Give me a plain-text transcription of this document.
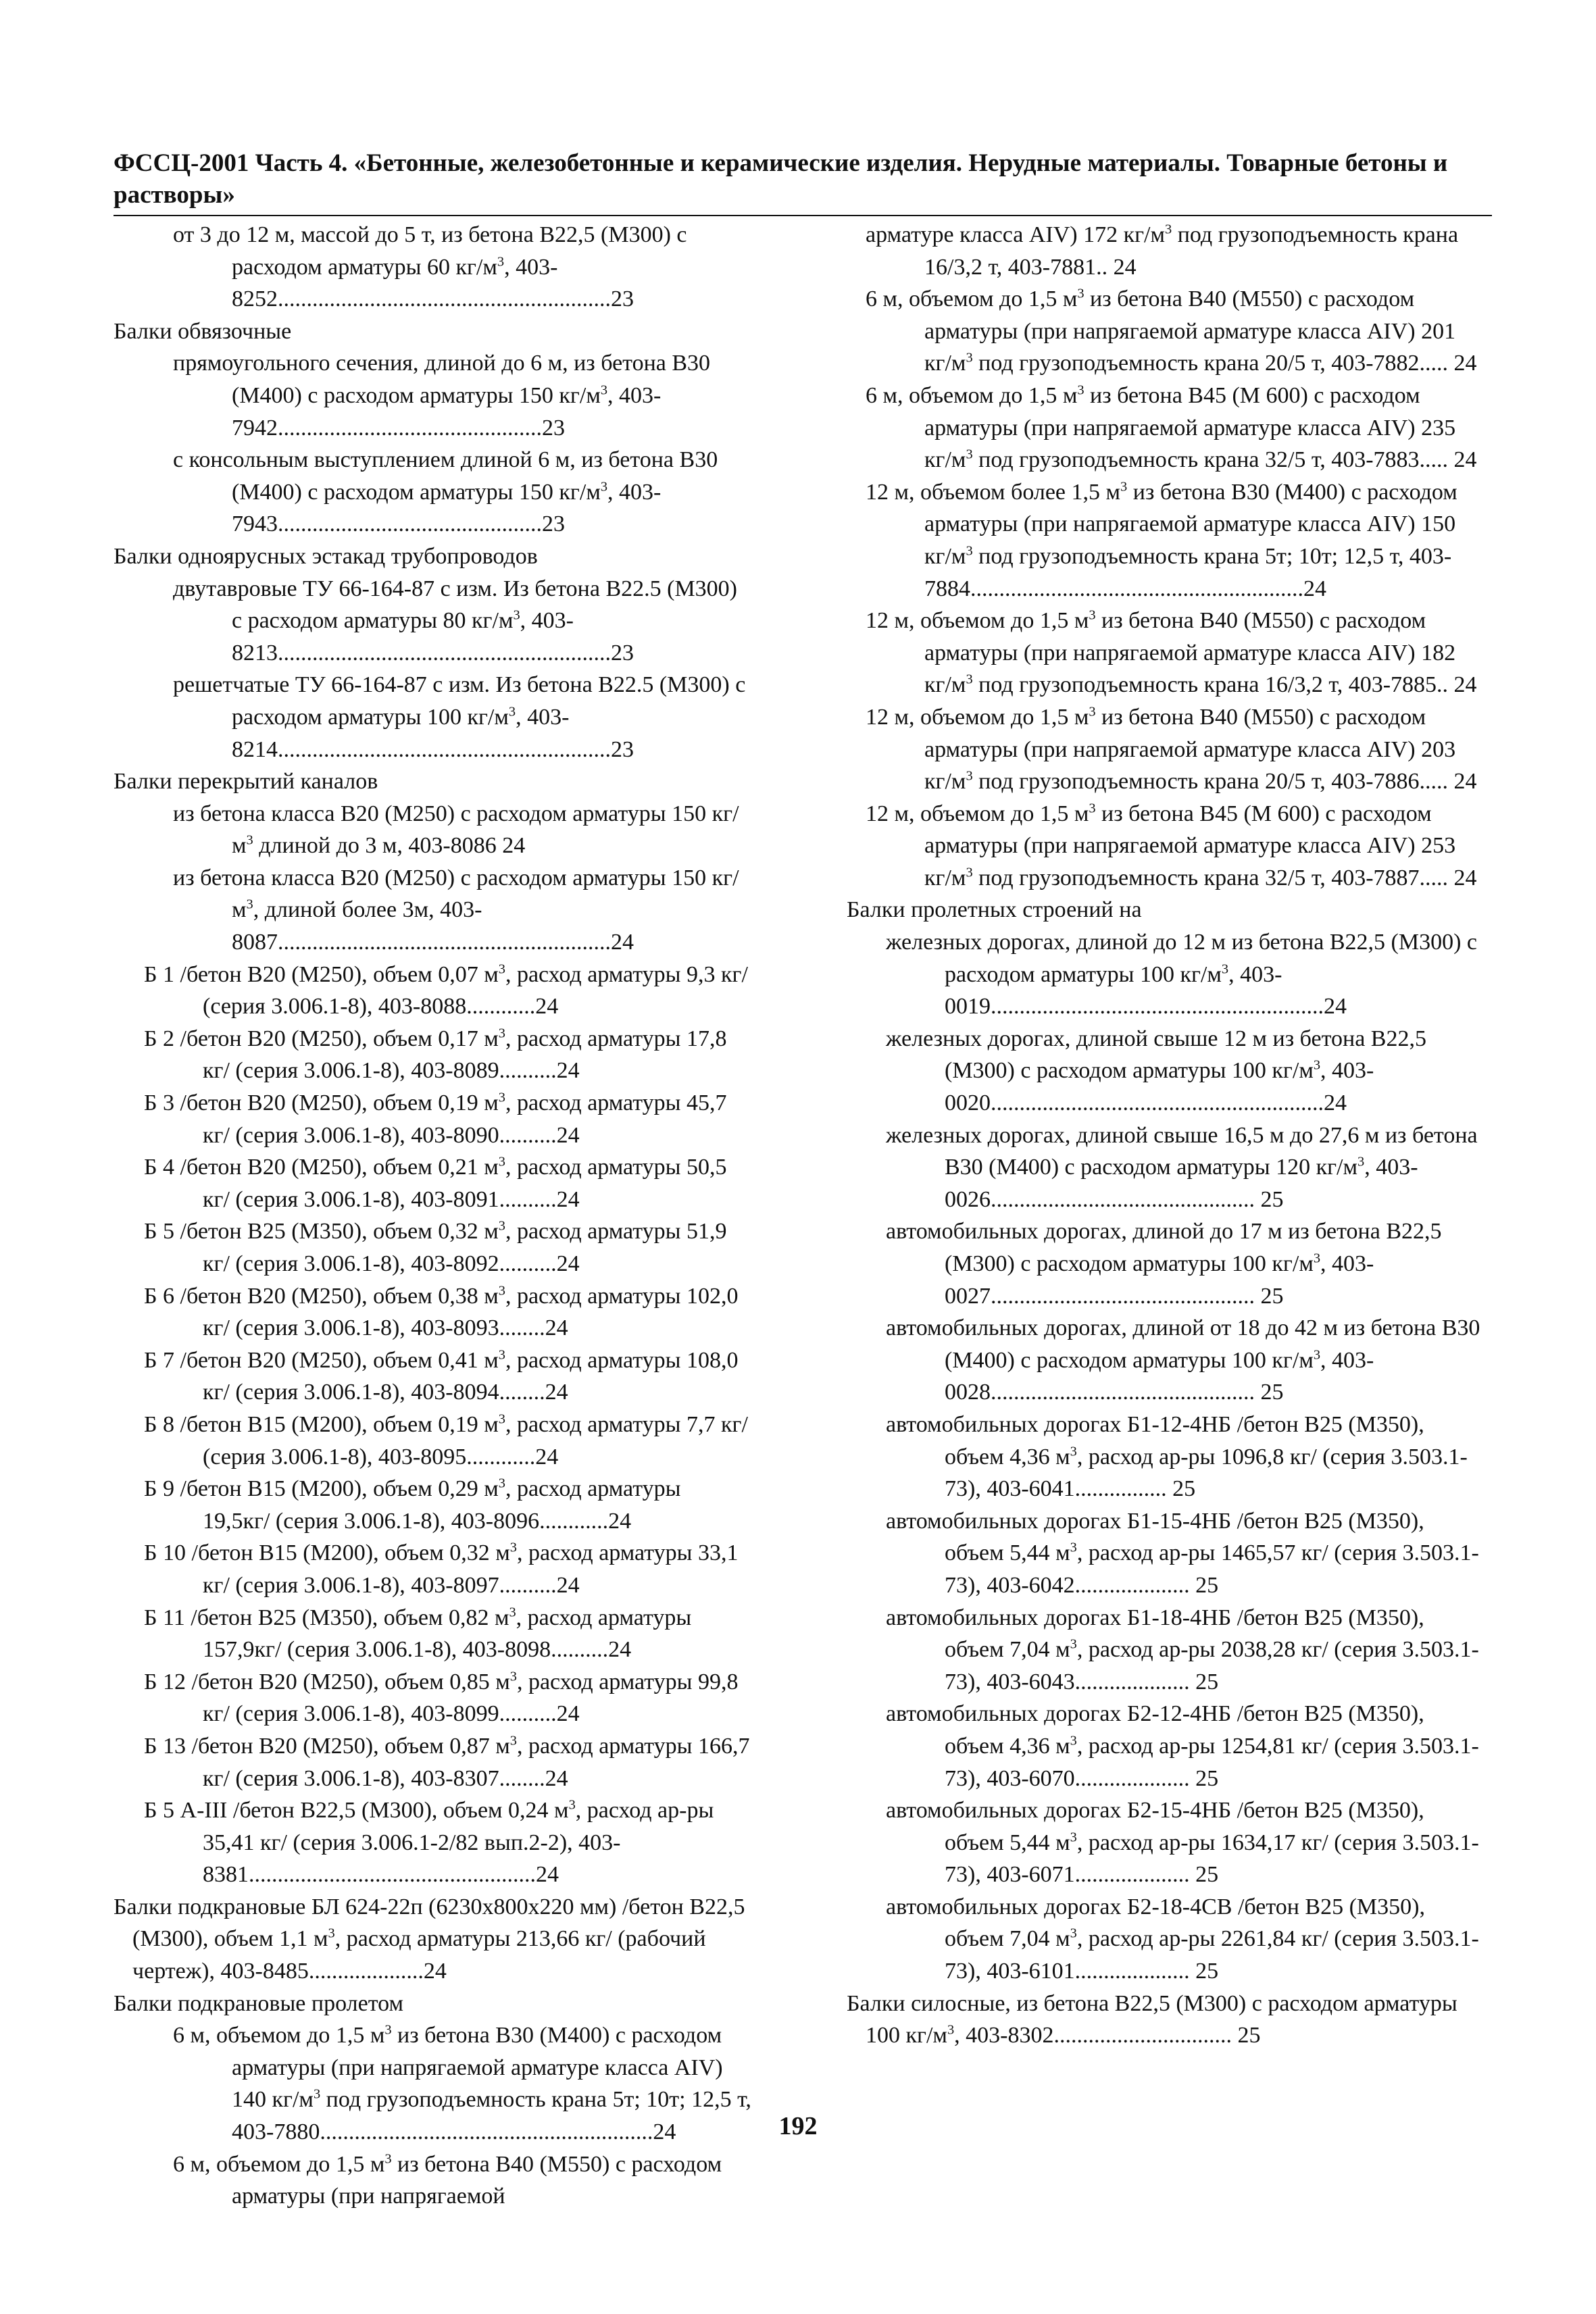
ФССЦ-2001 Часть 4. «Бетонные, железобетонные и керамические изделия. Нерудные материалы. Товарные бетоны и растворы»
от 3 до 12 м, массой до 5 т, из бетона В22,5 (М300) с расходом арматуры 60 $кг/м^3$, 403-8252..........................................................23
Балки обвязочные
прямоугольного сечения, длиной до 6 м, из бетона В30 (М400) с расходом арматуры 150 $кг/м^3$, 403-7942..............................................23
с консольным выступлением длиной 6 м, из бетона В30 (М400) с расходом арматуры 150 $кг/м^3$, 403-7943..............................................23
Балки одноярусных эстакад трубопроводов
двутавровые ТУ 66-164-87 с изм. Из бетона В22.5 (М300) с расходом арматуры 80 $кг/м^3$, 403-8213..........................................................23
решетчатые ТУ 66-164-87 с изм. Из бетона В22.5 (М300) с расходом арматуры 100 $кг/м^3$, 403-8214..........................................................23
Балки перекрытий каналов
из бетона класса В20 (М250) с расходом арматуры 150 $кг/м^3$ длиной до 3 м, 403-8086 24
из бетона класса В20 (М250) с расходом арматуры 150 $кг/м^3$, длиной более 3м, 403-8087..........................................................24
Б 1 /бетон В20 (М250), объем 0,07 $м^3$, расход арматуры 9,3 кг/ (серия 3.006.1-8), 403-8088............24
Б 2 /бетон В20 (М250), объем 0,17 $м^3$, расход арматуры 17,8 кг/ (серия 3.006.1-8), 403-8089..........24
Б 3 /бетон В20 (М250), объем 0,19 $м^3$, расход арматуры 45,7 кг/ (серия 3.006.1-8), 403-8090..........24
Б 4 /бетон В20 (М250), объем 0,21 $м^3$, расход арматуры 50,5 кг/ (серия 3.006.1-8), 403-8091..........24
Б 5 /бетон В25 (М350), объем 0,32 $м^3$, расход арматуры 51,9 кг/ (серия 3.006.1-8), 403-8092..........24
Б 6 /бетон В20 (М250), объем 0,38 $м^3$, расход арматуры 102,0 кг/ (серия 3.006.1-8), 403-8093........24
Б 7 /бетон В20 (М250), объем 0,41 $м^3$, расход арматуры 108,0 кг/ (серия 3.006.1-8), 403-8094........24
Б 8 /бетон В15 (М200), объем 0,19 $м^3$, расход арматуры 7,7 кг/ (серия 3.006.1-8), 403-8095............24
Б 9 /бетон В15 (М200), объем 0,29 $м^3$, расход арматуры 19,5кг/ (серия 3.006.1-8), 403-8096............24
Б 10 /бетон В15 (М200), объем 0,32 $м^3$, расход арматуры 33,1 кг/ (серия 3.006.1-8), 403-8097..........24
Б 11 /бетон В25 (М350), объем 0,82 $м^3$, расход арматуры 157,9кг/ (серия 3.006.1-8), 403-8098..........24
Б 12 /бетон В20 (М250), объем 0,85 $м^3$, расход арматуры 99,8 кг/ (серия 3.006.1-8), 403-8099..........24
Б 13 /бетон В20 (М250), объем 0,87 $м^3$, расход арматуры 166,7 кг/ (серия 3.006.1-8), 403-8307........24
Б 5 А-III /бетон В22,5 (М300), объем 0,24 $м^3$, расход ар-ры 35,41 кг/ (серия 3.006.1-2/82 вып.2-2), 403-8381..................................................24
Балки подкрановые БЛ 624-22п (6230х800х220 мм) /бетон В22,5 (М300), объем 1,1 $м^3$, расход арматуры 213,66 кг/ (рабочий чертеж), 403-8485....................24
Балки подкрановые пролетом
6 м, объемом до 1,5 $м^3$ из бетона В30 (М400) с расходом арматуры (при напрягаемой арматуре класса АIV) 140 $кг/м^3$ под грузоподъемность крана 5т; 10т; 12,5 т, 403-7880..........................................................24
6 м, объемом до 1,5 $м^3$ из бетона В40 (М550) с расходом арматуры (при напрягаемой
арматуре класса АIV) 172 $кг/м^3$ под грузоподъемность крана 16/3,2 т, 403-7881.. 24
6 м, объемом до 1,5 $м^3$ из бетона В40 (М550) с расходом арматуры (при напрягаемой арматуре класса АIV) 201 $кг/м^3$ под грузоподъемность крана 20/5 т, 403-7882..... 24
6 м, объемом до 1,5 $м^3$ из бетона В45 (М 600) с расходом арматуры (при напрягаемой арматуре класса АIV) 235 $кг/м^3$ под грузоподъемность крана 32/5 т, 403-7883..... 24
12 м, объемом более 1,5 $м^3$ из бетона В30 (М400) с расходом арматуры (при напрягаемой арматуре класса АIV) 150 $кг/м^3$ под грузоподъемность крана 5т; 10т; 12,5 т, 403-7884..........................................................24
12 м, объемом до 1,5 $м^3$ из бетона В40 (М550) с расходом арматуры (при напрягаемой арматуре класса АIV) 182 $кг/м^3$ под грузоподъемность крана 16/3,2 т, 403-7885.. 24
12 м, объемом до 1,5 $м^3$ из бетона В40 (М550) с расходом арматуры (при напрягаемой арматуре класса АIV) 203 $кг/м^3$ под грузоподъемность крана 20/5 т, 403-7886..... 24
12 м, объемом до 1,5 $м^3$ из бетона В45 (М 600) с расходом арматуры (при напрягаемой арматуре класса АIV) 253 $кг/м^3$ под грузоподъемность крана 32/5 т, 403-7887..... 24
Балки пролетных строений на
железных дорогах, длиной до 12 м из бетона В22,5 (М300) с расходом арматуры 100 $кг/м^3$, 403-0019..........................................................24
железных дорогах, длиной свыше 12 м из бетона В22,5 (М300) с расходом арматуры 100 $кг/м^3$, 403-0020..........................................................24
железных дорогах, длиной свыше 16,5 м до 27,6 м из бетона В30 (М400) с расходом арматуры 120 $кг/м^3$, 403-0026.............................................. 25
автомобильных дорогах, длиной до 17 м из бетона В22,5 (М300) с расходом арматуры 100 $кг/м^3$, 403-0027.............................................. 25
автомобильных дорогах, длиной от 18 до 42 м из бетона В30 (М400) с расходом арматуры 100 $кг/м^3$, 403-0028.............................................. 25
автомобильных дорогах Б1-12-4НБ /бетон В25 (М350), объем 4,36 $м^3$, расход ар-ры 1096,8 кг/ (серия 3.503.1-73), 403-6041................ 25
автомобильных дорогах Б1-15-4НБ /бетон В25 (М350), объем 5,44 $м^3$, расход ар-ры 1465,57 кг/ (серия 3.503.1-73), 403-6042.................... 25
автомобильных дорогах Б1-18-4НБ /бетон В25 (М350), объем 7,04 $м^3$, расход ар-ры 2038,28 кг/ (серия 3.503.1-73), 403-6043.................... 25
автомобильных дорогах Б2-12-4НБ /бетон В25 (М350), объем 4,36 $м^3$, расход ар-ры 1254,81 кг/ (серия 3.503.1-73), 403-6070.................... 25
автомобильных дорогах Б2-15-4НБ /бетон В25 (М350), объем 5,44 $м^3$, расход ар-ры 1634,17 кг/ (серия 3.503.1-73), 403-6071.................... 25
автомобильных дорогах Б2-18-4СВ /бетон В25 (М350), объем 7,04 $м^3$, расход ар-ры 2261,84 кг/ (серия 3.503.1-73), 403-6101.................... 25
Балки силосные, из бетона В22,5 (М300) с расходом арматуры 100 $кг/м^3$, 403-8302............................... 25
192
